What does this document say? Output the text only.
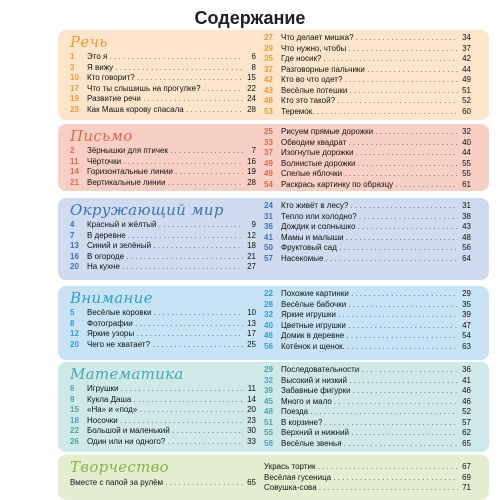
Содержание
Речь
1	Это я . . .	6
3	Я вижу . . .	8
10	Кто говорит? . . .	15
17	Что ты слышишь на прогулке? . . .	22
19	Развитие речи . . .	24
23	Как Маша корову спасала . . .	28
27	Что делает мишка? . . .	34
29	Что нужно, чтобы . . .	37
35	Где носик? . . .	42
37	Разговорные пальчики . . .	44
42	Кто во что одет? . . .	49
43	Весёлые потешки . . .	51
46	Кто это такой? . . .	52
53	Теремок. . . .	60
Письмо
2	Зёрнышки для птичек . . .	7
11	Чёрточки . . .	16
14	Горизонтальные линии . . .	19
21	Вертикальные линии . . .	28
25	Рисуем прямые дорожки . . .	32
33	Обводим квадрат . . .	40
37	Изогнутые дорожки . . .	44
49	Волнистые дорожки . . .	55
49	Спелые яблочки . . .	55
54	Раскрась картинку по образцу . . .	61
Окружающий мир
4	Красный и жёлтый . . .	9
7	В деревне . . .	12
13	Синий и зелёный . . .	18
16	В огороде . . .	21
20	На кухне . . .	27
24	Кто живёт в лесу? . . .	31
31	Тепло или холодно? . . .	38
36	Дождик и солнышко . . .	43
41	Мамы и малыши . . .	48
50	Фруктовый сад . . .	56
57	Насекомые . . .	64
Внимание
5	Весёлые коровки . . .	10
8	Фотографии . . .	13
12	Яркие узоры . . .	17
20	Чего не хватает? . . .	25
22	Похожие картинки . . .	29
28	Весёлые бабочки . . .	35
32	Яркие игрушки . . .	39
40	Цветные игрушки . . .	47
46	Домик в деревне . . .	54
56	Котёнок и щенок. . . .	63
Математика
6	Игрушки . . .	11
9	Кукла Даша . . .	14
15	«На» и «под» . . .	20
18	Носочки . . .	23
22	Большой и маленький . . .	30
26	Один или ни одного? . . .	33
29	Последовательности . . .	36
32	Высокий и низкий . . .	41
39	Забавные фигурки . . .	46
45	Много и мало . . .	46
48	Поезда . . .	52
51	В корзине? . . .	57
55	Верхний и нижний . . .	62
58	Весёлые звенья . . .	65
Творчество
Вместе с папой за рулём . . .	65
Укрась тортик . . .	67
Весёлая гусеница . . .	69
Совушка-сова . . .	71
